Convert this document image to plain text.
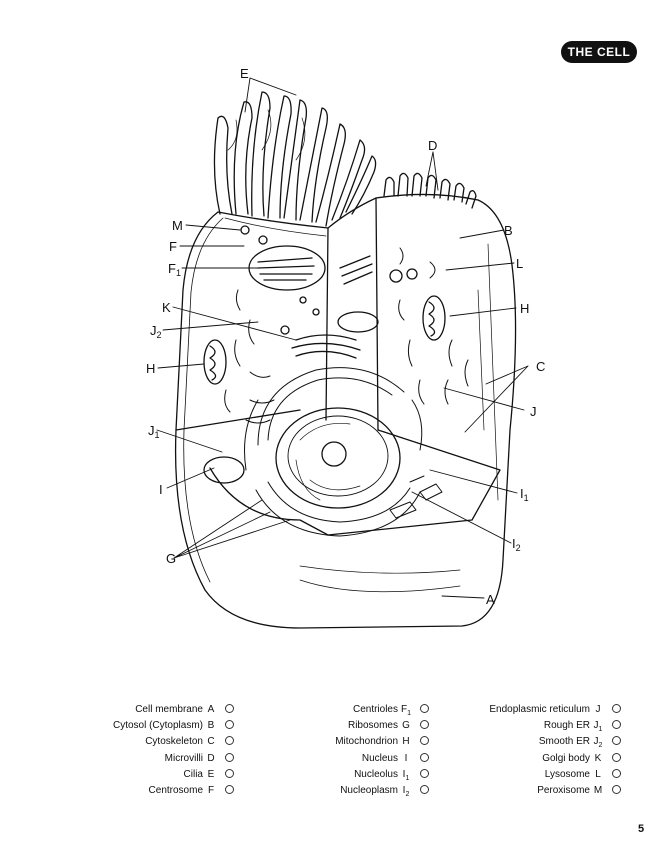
THE CELL
E
D
M	B
F
$F_1$
L
K
$J_2$
H
H	C
J
$J_1$
I	$I_1$
$I_2$
G
A
Cell membrane A
Cytosol (Cytoplasm) B
Cytoskeleton C
Microvilli D
Cilia E
Centrosome F
Centrioles $F_1$
Ribosomes G
Mitochondrion H
Nucleus I
Nucleolus $I_1$
Nucleoplasm $I_2$
Endoplasmic reticulum J
Rough ER $J_1$
Smooth ER $J_2$
Golgi body K
Lysosome L
Peroxisome M
5
